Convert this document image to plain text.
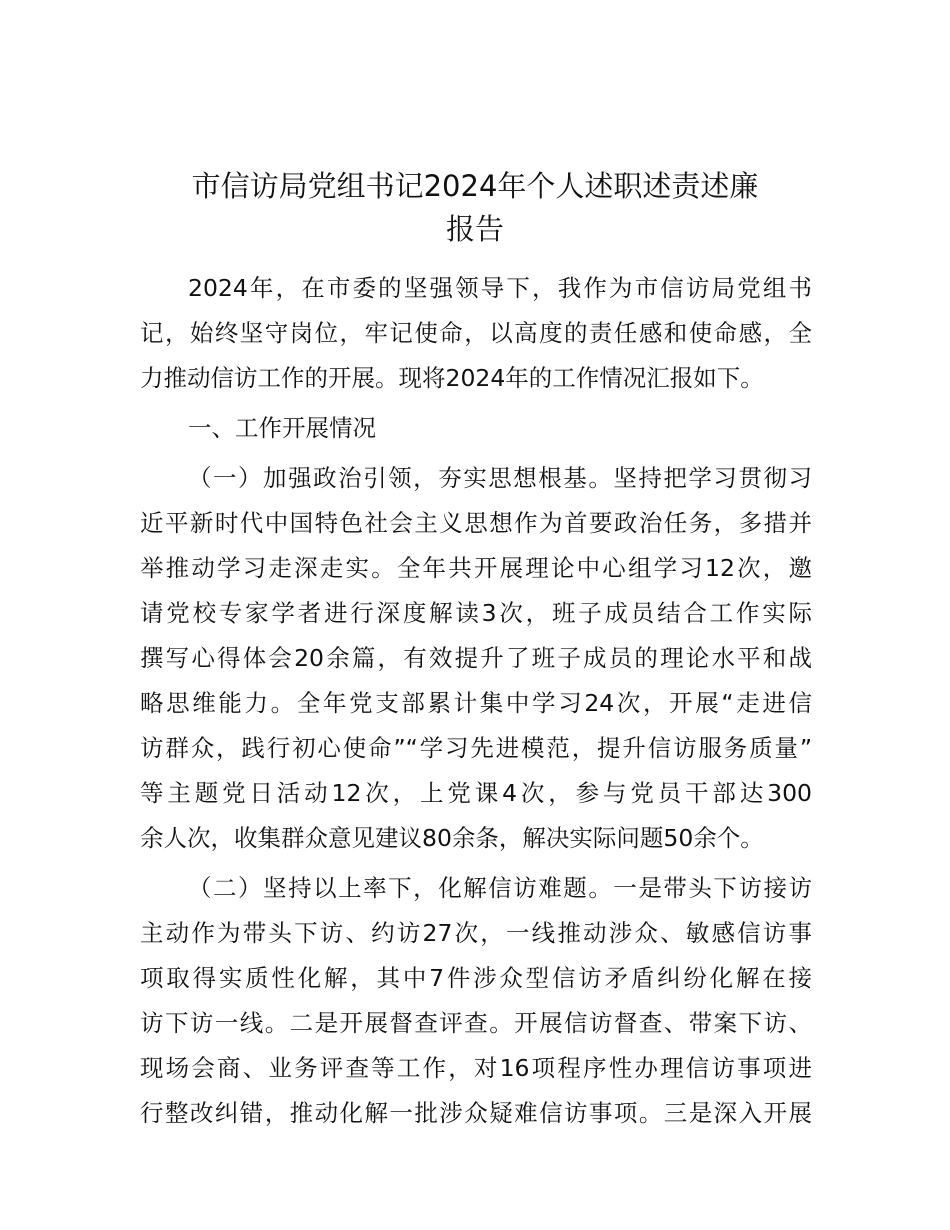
市信访局党组书记2024年个人述职述责述廉
报告
2024年，在市委的坚强领导下，我作为市信访局党组书
记，始终坚守岗位，牢记使命，以高度的责任感和使命感，全
力推动信访工作的开展。现将2024年的工作情况汇报如下。
一、工作开展情况
（一）加强政治引领，夯实思想根基。坚持把学习贯彻习
近平新时代中国特色社会主义思想作为首要政治任务，多措并
举推动学习走深走实。全年共开展理论中心组学习12次，邀
请党校专家学者进行深度解读3次，班子成员结合工作实际
撰写心得体会20余篇，有效提升了班子成员的理论水平和战
略思维能力。全年党支部累计集中学习24次，开展“走进信
访群众，践行初心使命”“学习先进模范，提升信访服务质量”
等主题党日活动12次，上党课4次，参与党员干部达300
余人次，收集群众意见建议80余条，解决实际问题50余个。
（二）坚持以上率下，化解信访难题。一是带头下访接访
主动作为带头下访、约访27次，一线推动涉众、敏感信访事
项取得实质性化解，其中7件涉众型信访矛盾纠纷化解在接
访下访一线。二是开展督查评查。开展信访督查、带案下访、
现场会商、业务评查等工作，对16项程序性办理信访事项进
行整改纠错，推动化解一批涉众疑难信访事项。三是深入开展
